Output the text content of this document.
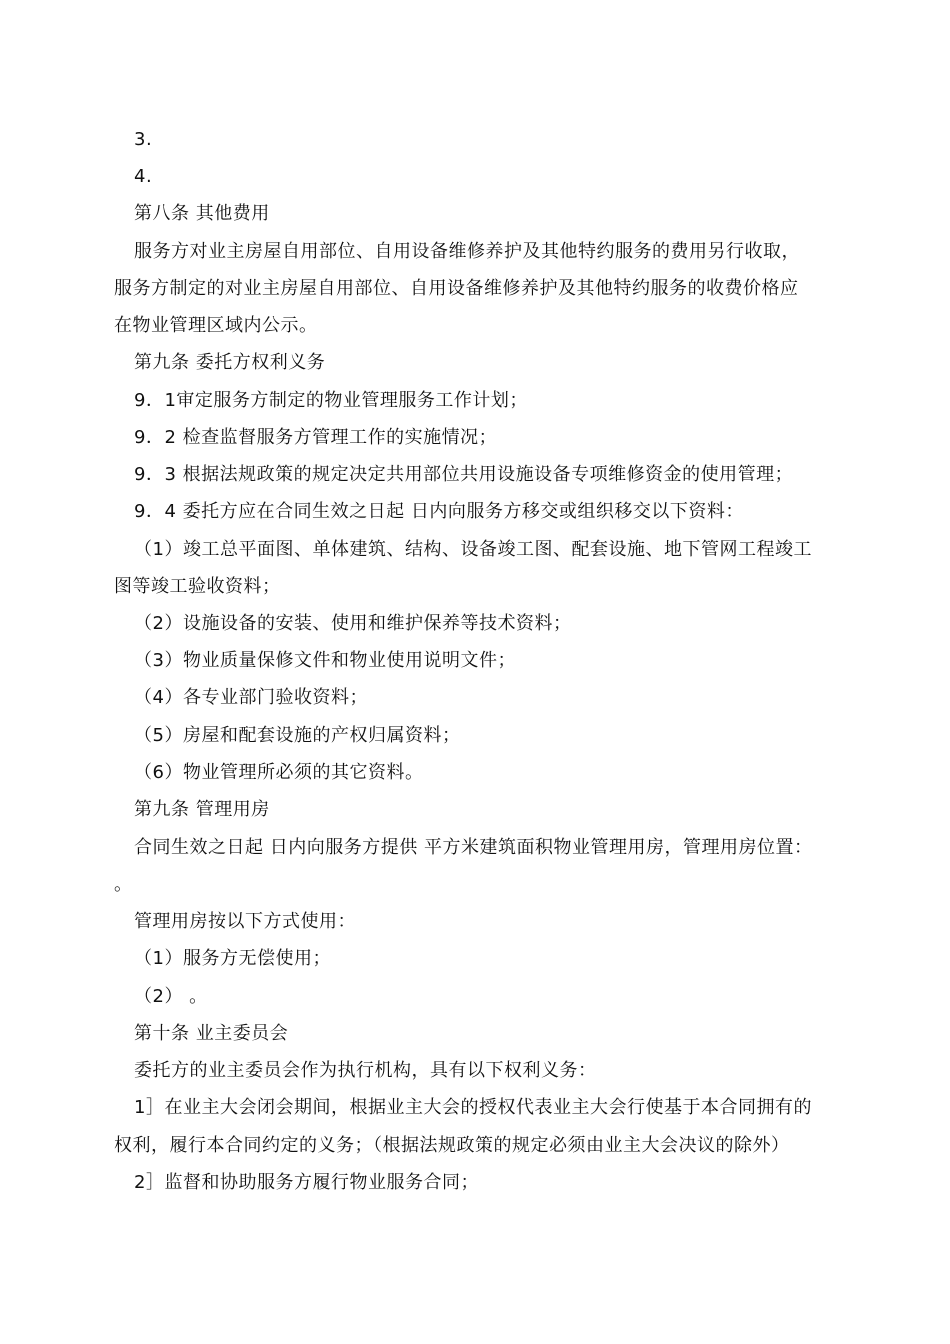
3.
4.
第八条 其他费用
服务方对业主房屋自用部位、自用设备维修养护及其他特约服务的费用另行收取，
服务方制定的对业主房屋自用部位、自用设备维修养护及其他特约服务的收费价格应
在物业管理区域内公示。
第九条 委托方权利义务
9．1审定服务方制定的物业管理服务工作计划；
9．2 检查监督服务方管理工作的实施情况；
9．3 根据法规政策的规定决定共用部位共用设施设备专项维修资金的使用管理；
9．4 委托方应在合同生效之日起 日内向服务方移交或组织移交以下资料：
（1）竣工总平面图、单体建筑、结构、设备竣工图、配套设施、地下管网工程竣工
图等竣工验收资料；
（2）设施设备的安装、使用和维护保养等技术资料；
（3）物业质量保修文件和物业使用说明文件；
（4）各专业部门验收资料；
（5）房屋和配套设施的产权归属资料；
（6）物业管理所必须的其它资料。
第九条 管理用房
合同生效之日起 日内向服务方提供 平方米建筑面积物业管理用房，管理用房位置：
。
管理用房按以下方式使用：
（1）服务方无偿使用；
（2） 。
第十条 业主委员会
委托方的业主委员会作为执行机构，具有以下权利义务：
1］在业主大会闭会期间，根据业主大会的授权代表业主大会行使基于本合同拥有的
权利，履行本合同约定的义务；（根据法规政策的规定必须由业主大会决议的除外）
2］监督和协助服务方履行物业服务合同；
